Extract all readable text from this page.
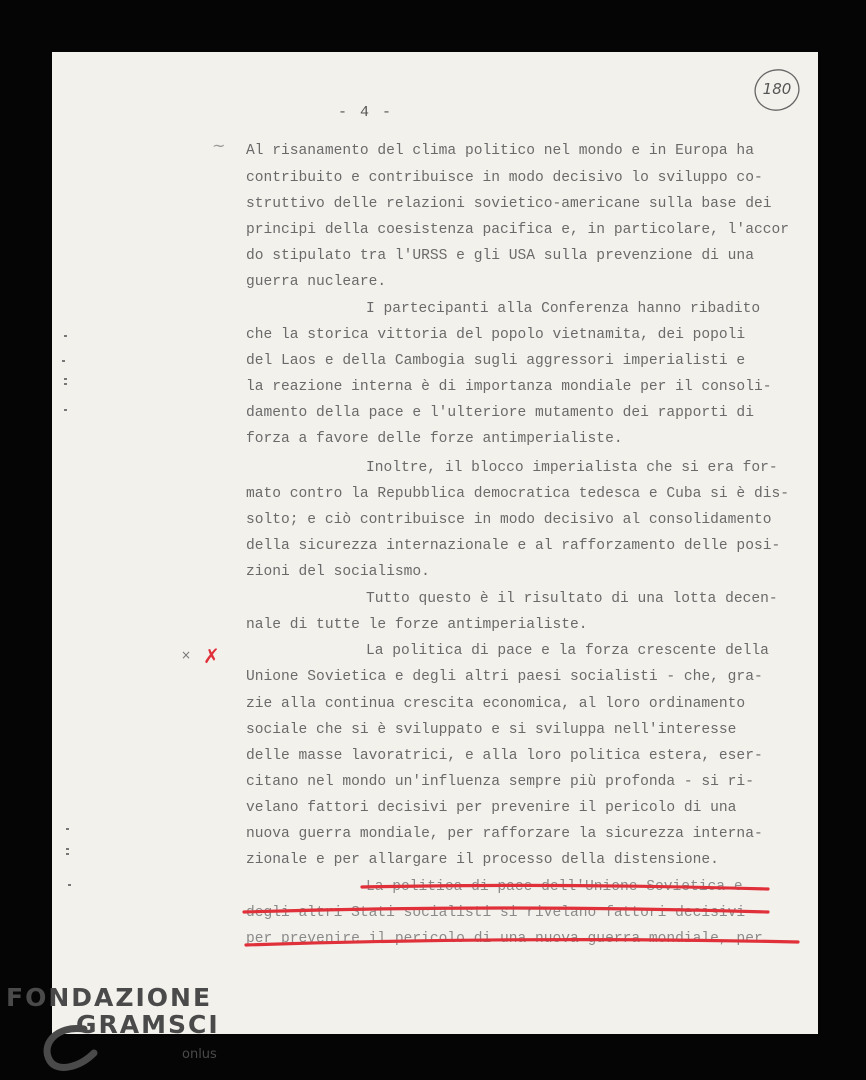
- 4 -
180
~
× ✗
Al risanamento del clima politico nel mondo e in Europa ha
contribuito e contribuisce in modo decisivo lo sviluppo co-
struttivo delle relazioni sovietico-americane sulla base dei
principi della coesistenza pacifica e, in particolare, l'accor
do stipulato tra l'URSS e gli USA sulla prevenzione di una
guerra nucleare.
I partecipanti alla Conferenza hanno ribadito
che la storica vittoria del popolo vietnamita, dei popoli
del Laos e della Cambogia sugli aggressori imperialisti e
la reazione interna è di importanza mondiale per il consoli-
damento della pace e l'ulteriore mutamento dei rapporti di
forza a favore delle forze antimperialiste.
Inoltre, il blocco imperialista che si era for-
mato contro la Repubblica democratica tedesca e Cuba si è dis-
solto; e ciò contribuisce in modo decisivo al consolidamento
della sicurezza internazionale e al rafforzamento delle posi-
zioni del socialismo.
Tutto questo è il risultato di una lotta decen-
nale di tutte le forze antimperialiste.
La politica di pace e la forza crescente della
Unione Sovietica e degli altri paesi socialisti - che, gra-
zie alla continua crescita economica, al loro ordinamento
sociale che si è sviluppato e si sviluppa nell'interesse
delle masse lavoratrici, e alla loro politica estera, eser-
citano nel mondo un'influenza sempre più profonda - si ri-
velano fattori decisivi per prevenire il pericolo di una
nuova guerra mondiale, per rafforzare la sicurezza interna-
zionale e per allargare il processo della distensione.
La politica di pace dell'Unione Sovietica e
degli altri Stati socialisti si rivelano fattori decisivi
per prevenire il pericolo di una nuova guerra mondiale, per
FONDAZIONE
GRAMSCI
onlus
